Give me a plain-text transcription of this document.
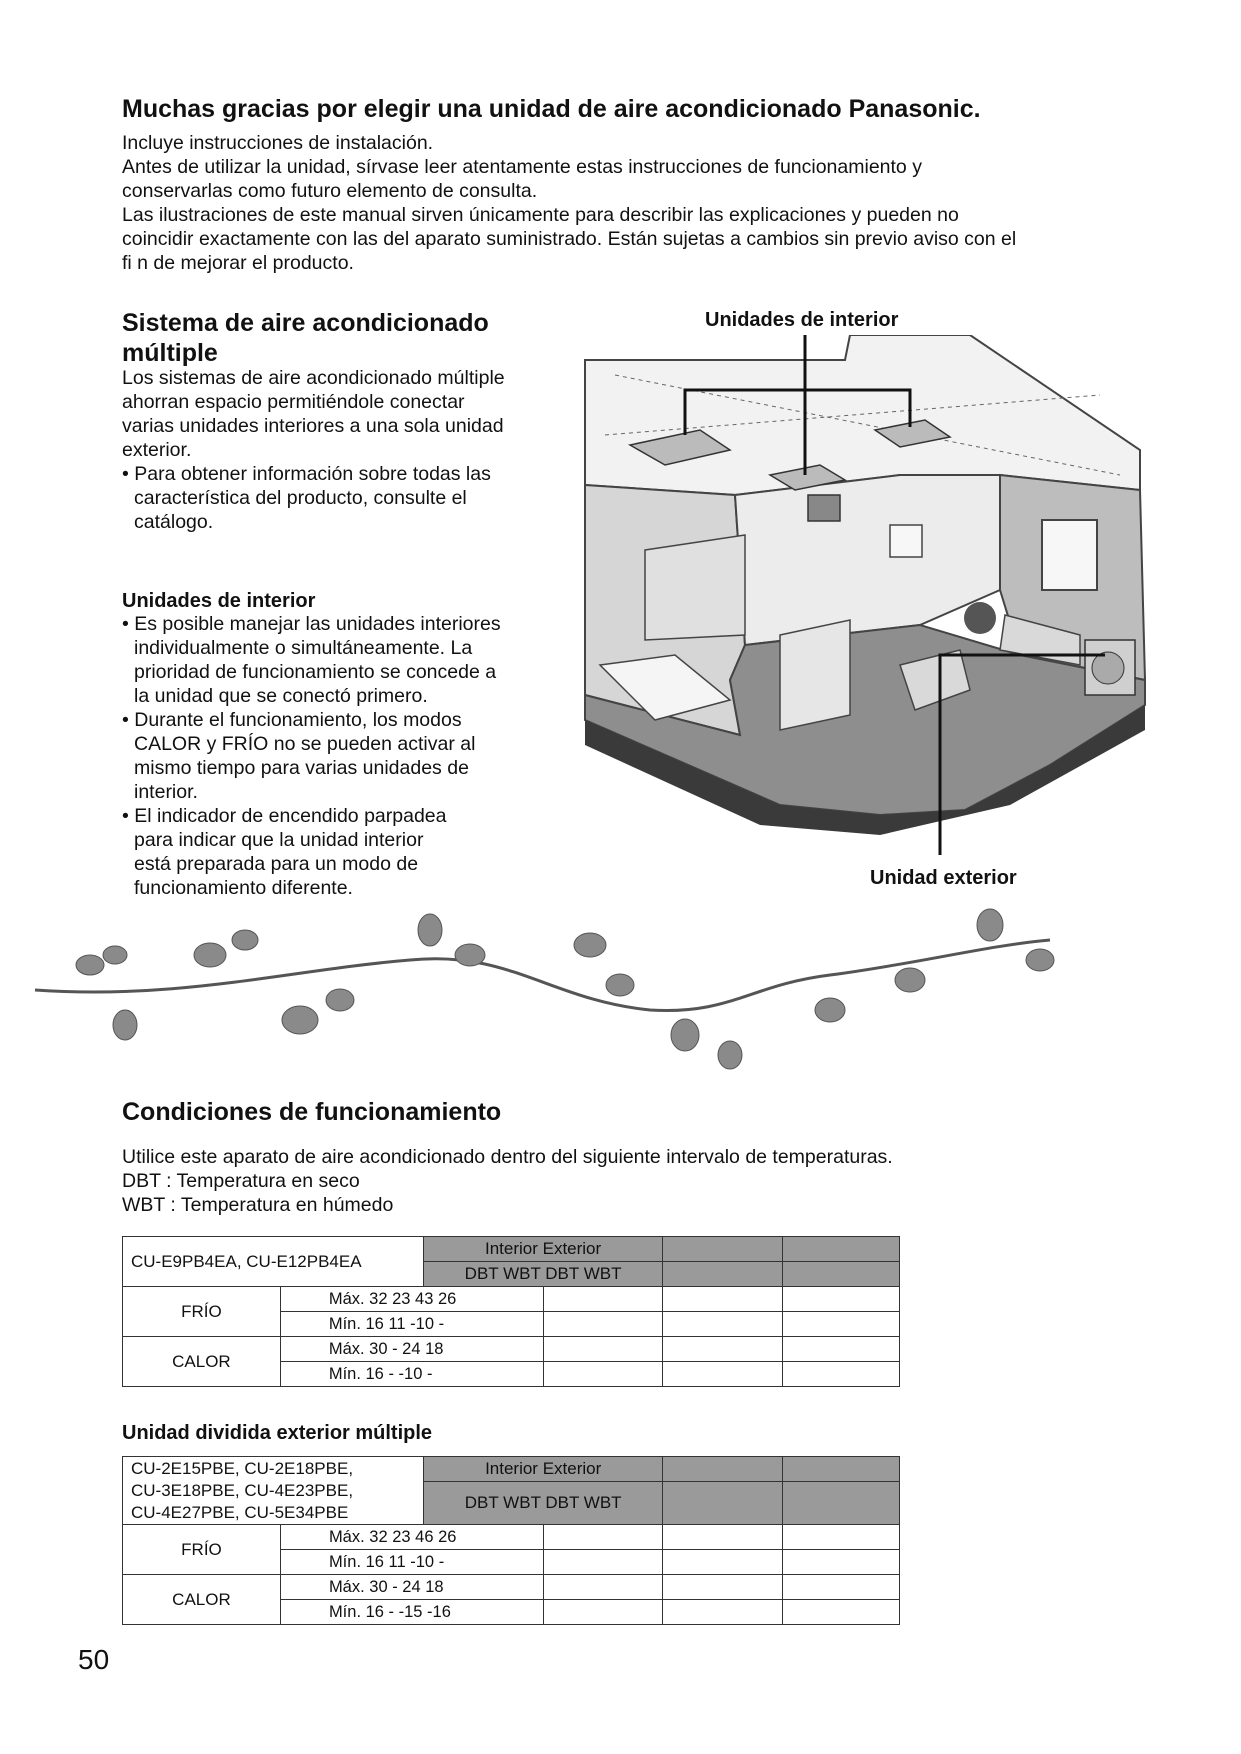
Muchas gracias por elegir una unidad de aire acondicionado Panasonic.
Incluye instrucciones de instalación.
Antes de utilizar la unidad, sírvase leer atentamente estas instrucciones de funcionamiento y
conservarlas como futuro elemento de consulta.
Las ilustraciones de este manual sirven únicamente para describir las explicaciones y pueden no
coincidir exactamente con las del aparato suministrado. Están sujetas a cambios sin previo aviso con el
fi n de mejorar el producto.
Sistema de aire acondicionado
múltiple
Los sistemas de aire acondicionado múltiple
ahorran espacio permitiéndole conectar
varias unidades interiores a una sola unidad
exterior.
• Para obtener información sobre todas las
característica del producto, consulte el
catálogo.
Unidades de interior
• Es posible manejar las unidades interiores
individualmente o simultáneamente. La
prioridad de funcionamiento se concede a
la unidad que se conectó primero.
• Durante el funcionamiento, los modos
CALOR y FRÍO no se pueden activar al
mismo tiempo para varias unidades de
interior.
• El indicador de encendido parpadea
para indicar que la unidad interior
está preparada para un modo de
funcionamiento diferente.
Unidades de interior
Unidad exterior
Condiciones de funcionamiento
Utilice este aparato de aire acondicionado dentro del siguiente intervalo de temperaturas.
DBT : Temperatura en seco
WBT : Temperatura en húmedo
CU-E9PB4EA, CU-E12PB4EA		Interior Exterior			
		DBT WBT DBT WBT			
FRÍO	Máx. 32 23 43 26				
	Mín. 16 11 -10 -				
CALOR	Máx. 30 - 24 18				
	Mín. 16 - -10 -				
Unidad dividida exterior múltiple
CU-2E15PBE, CU-2E18PBE,
CU-3E18PBE, CU-4E23PBE,
CU-4E27PBE, CU-5E34PBE		Interior Exterior			
		DBT WBT DBT WBT			
FRÍO	Máx. 32 23 46 26				
	Mín. 16 11 -10 -				
CALOR	Máx. 30 - 24 18				
	Mín. 16 - -15 -16				
50
